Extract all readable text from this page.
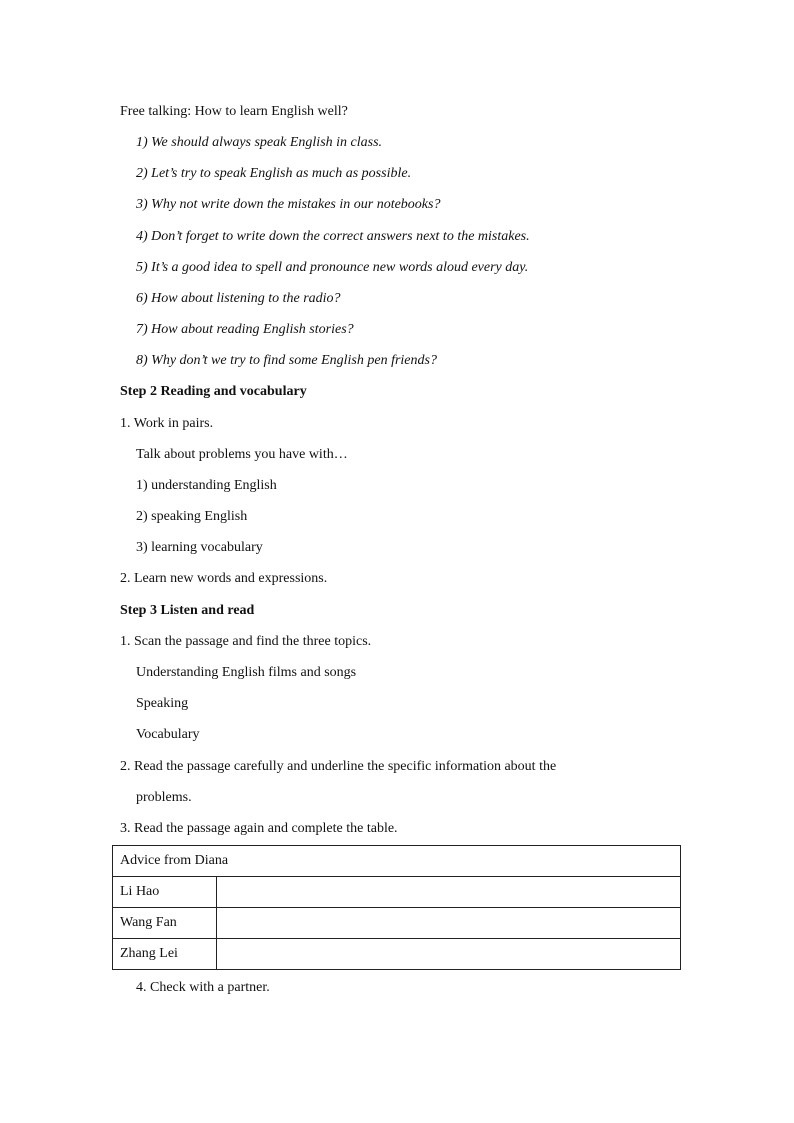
Free talking: How to learn English well?
1) We should always speak English in class.
2) Let’s try to speak English as much as possible.
3) Why not write down the mistakes in our notebooks?
4) Don’t forget to write down the correct answers next to the mistakes.
5) It’s a good idea to spell and pronounce new words aloud every day.
6) How about listening to the radio?
7) How about reading English stories?
8) Why don’t we try to find some English pen friends?
Step 2 Reading and vocabulary
1. Work in pairs.
Talk about problems you have with…
1) understanding English
2) speaking English
3) learning vocabulary
2. Learn new words and expressions.
Step 3 Listen and read
1. Scan the passage and find the three topics.
Understanding English films and songs
Speaking
Vocabulary
2. Read the passage carefully and underline the specific information about the
problems.
3. Read the passage again and complete the table.
Advice from Diana	
Li Hao	
Wang Fan	
Zhang Lei	
4. Check with a partner.
